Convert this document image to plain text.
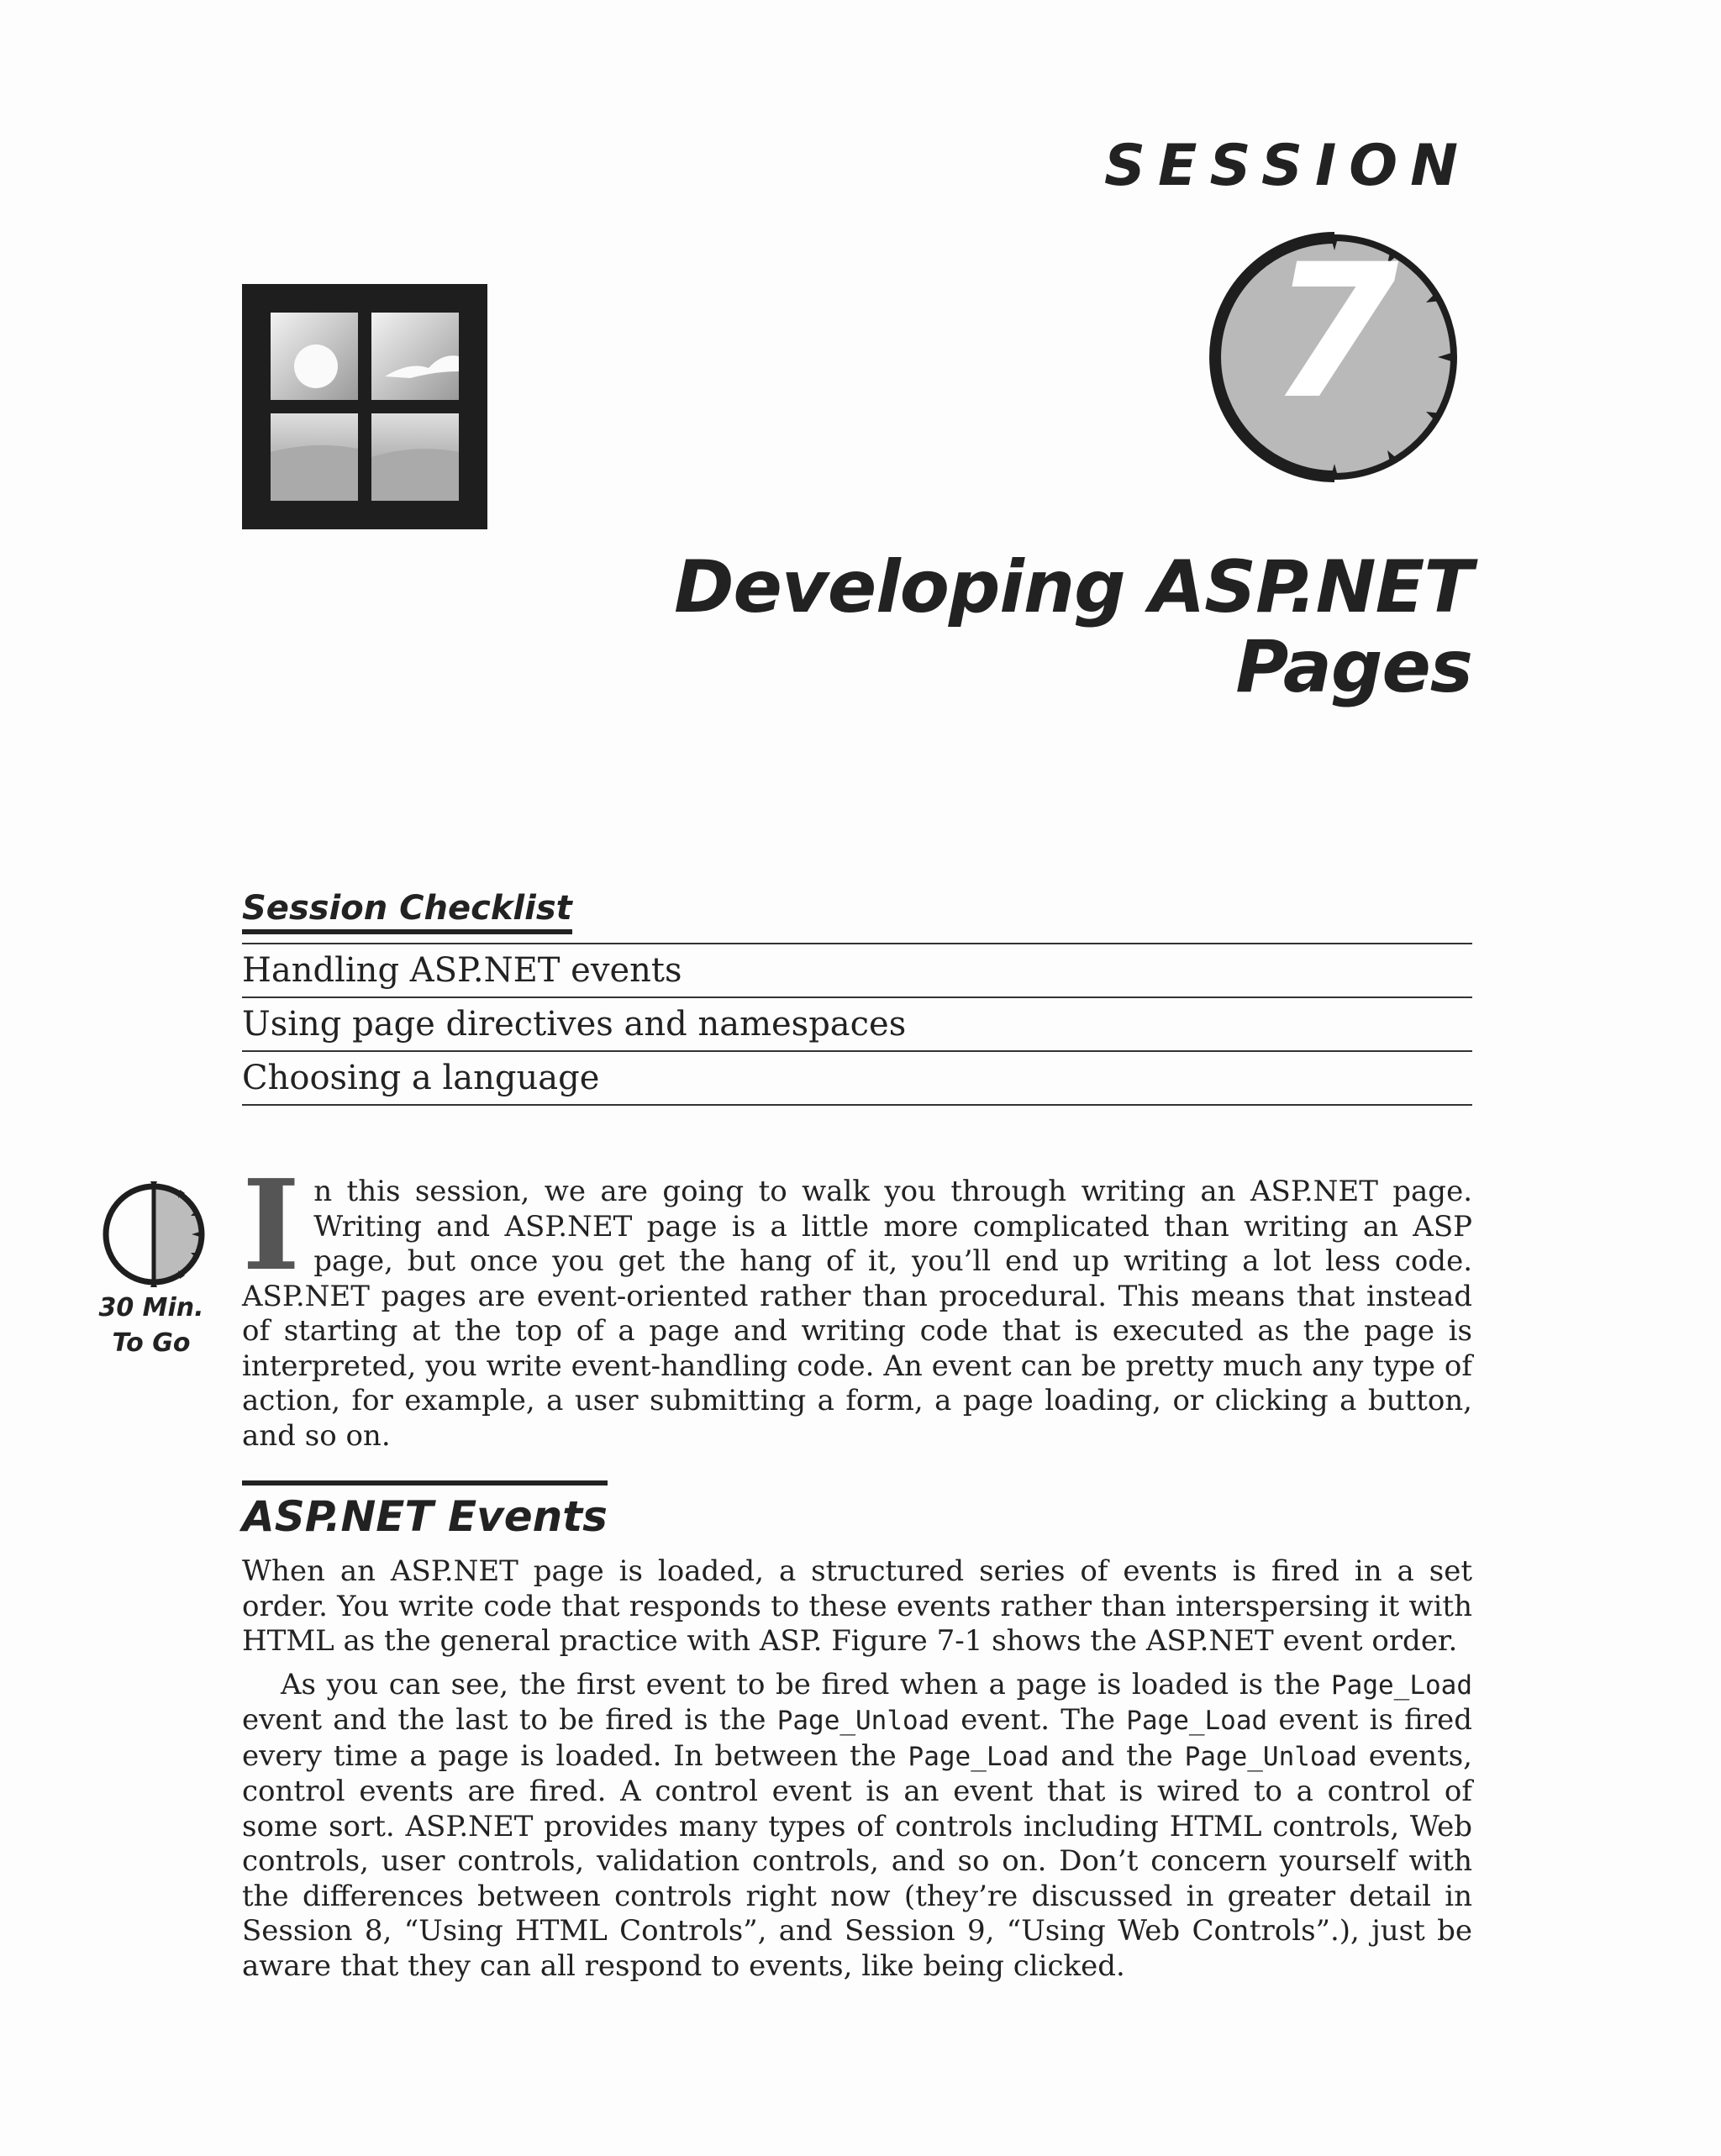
SESSION
7
Developing ASP.NET Pages
Session Checklist
Handling ASP.NET events
Using page directives and namespaces
Choosing a language
30 Min.
To Go
In this session, we are going to walk you through writing an ASP.NET page. Writing and ASP.NET page is a little more complicated than writing an ASP page, but once you get the hang of it, you’ll end up writing a lot less code. ASP.NET pages are event-oriented rather than procedural. This means that instead of starting at the top of a page and writing code that is executed as the page is interpreted, you write event-handling code. An event can be pretty much any type of action, for example, a user submitting a form, a page loading, or clicking a button, and so on.
ASP.NET Events

When an ASP.NET page is loaded, a structured series of events is fired in a set order. You write code that responds to these events rather than interspersing it with HTML as the general practice with ASP. Figure 7-1 shows the ASP.NET event order.

As you can see, the first event to be fired when a page is loaded is the Page_Load event and the last to be fired is the Page_Unload event. The Page_Load event is fired every time a page is loaded. In between the Page_Load and the Page_Unload events, control events are fired. A control event is an event that is wired to a control of some sort. ASP.NET provides many types of controls including HTML controls, Web controls, user controls, validation controls, and so on. Don’t concern yourself with the differences between controls right now (they’re discussed in greater detail in Session 8, “Using HTML Controls”, and Session 9, “Using Web Controls”.), just be aware that they can all respond to events, like being clicked.
